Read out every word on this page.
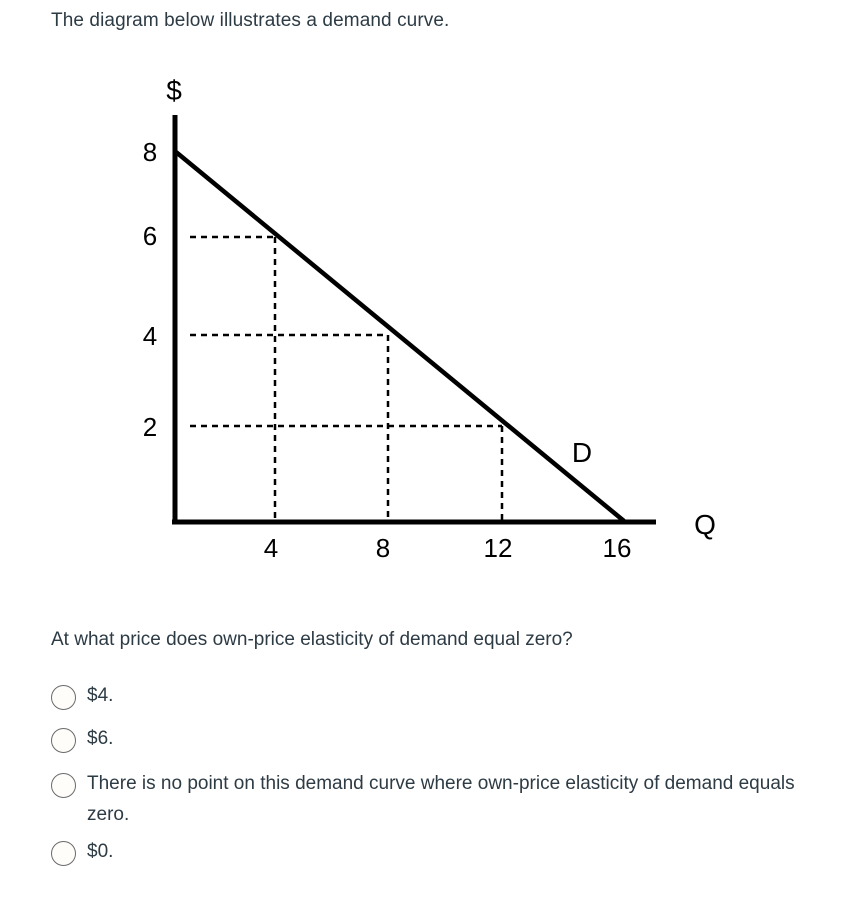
The diagram below illustrates a demand curve.
$
8
6
4
2
4	8	12	16
Q
D
At what price does own-price elasticity of demand equal zero?
$4.
$6.
There is no point on this demand curve where own-price elasticity of demand equals zero.
$0.
